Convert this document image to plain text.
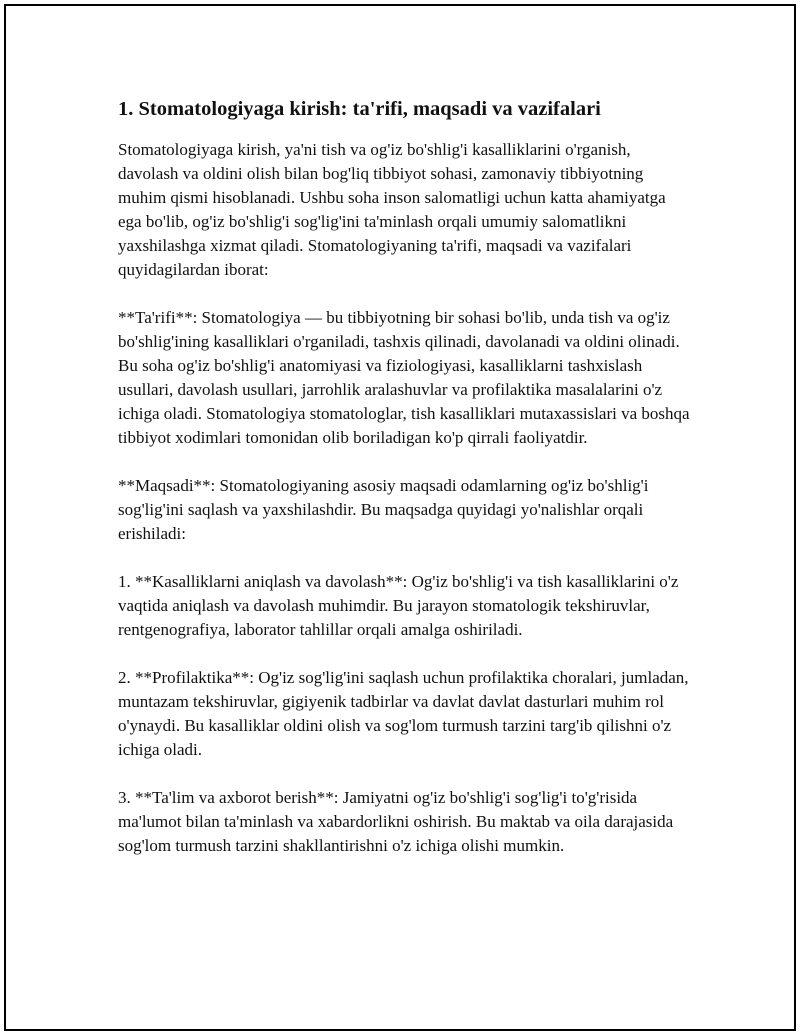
1. Stomatologiyaga kirish: ta'rifi, maqsadi va vazifalari

Stomatologiyaga kirish, ya'ni tish va og'iz bo'shlig'i kasalliklarini o'rganish, davolash va oldini olish bilan bog'liq tibbiyot sohasi, zamonaviy tibbiyotning muhim qismi hisoblanadi. Ushbu soha inson salomatligi uchun katta ahamiyatga ega bo'lib, og'iz bo'shlig'i sog'lig'ini ta'minlash orqali umumiy salomatlikni yaxshilashga xizmat qiladi. Stomatologiyaning ta'rifi, maqsadi va vazifalari quyidagilardan iborat:

**Ta'rifi**: Stomatologiya — bu tibbiyotning bir sohasi bo'lib, unda tish va og'iz bo'shlig'ining kasalliklari o'rganiladi, tashxis qilinadi, davolanadi va oldini olinadi. Bu soha og'iz bo'shlig'i anatomiyasi va fiziologiyasi, kasalliklarni tashxislash usullari, davolash usullari, jarrohlik aralashuvlar va profilaktika masalalarini o'z ichiga oladi. Stomatologiya stomatologlar, tish kasalliklari mutaxassislari va boshqa tibbiyot xodimlari tomonidan olib boriladigan ko'p qirrali faoliyatdir.

**Maqsadi**: Stomatologiyaning asosiy maqsadi odamlarning og'iz bo'shlig'i sog'lig'ini saqlash va yaxshilashdir. Bu maqsadga quyidagi yo'nalishlar orqali erishiladi:

1. **Kasalliklarni aniqlash va davolash**: Og'iz bo'shlig'i va tish kasalliklarini o'z vaqtida aniqlash va davolash muhimdir. Bu jarayon stomatologik tekshiruvlar, rentgenografiya, laborator tahlillar orqali amalga oshiriladi.

2. **Profilaktika**: Og'iz sog'lig'ini saqlash uchun profilaktika choralari, jumladan, muntazam tekshiruvlar, gigiyenik tadbirlar va davlat davlat dasturlari muhim rol o'ynaydi. Bu kasalliklar oldini olish va sog'lom turmush tarzini targ'ib qilishni o'z ichiga oladi.

3. **Ta'lim va axborot berish**: Jamiyatni og'iz bo'shlig'i sog'lig'i to'g'risida ma'lumot bilan ta'minlash va xabardorlikni oshirish. Bu maktab va oila darajasida sog'lom turmush tarzini shakllantirishni o'z ichiga olishi mumkin.
